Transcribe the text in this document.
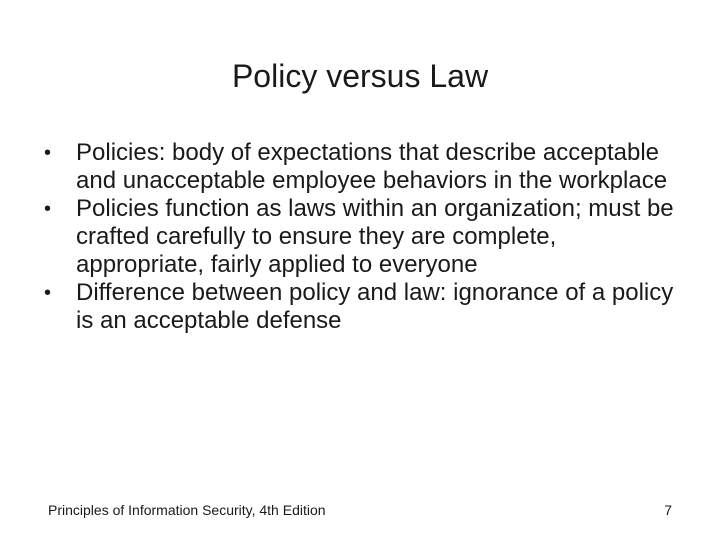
Policy versus Law
•	Policies: body of expectations that describe acceptable and unacceptable employee behaviors in the workplace
•	Policies function as laws within an organization; must be crafted carefully to ensure they are complete, appropriate, fairly applied to everyone
•	Difference between policy and law: ignorance of a policy is an acceptable defense
Principles of Information Security, 4th Edition	7
